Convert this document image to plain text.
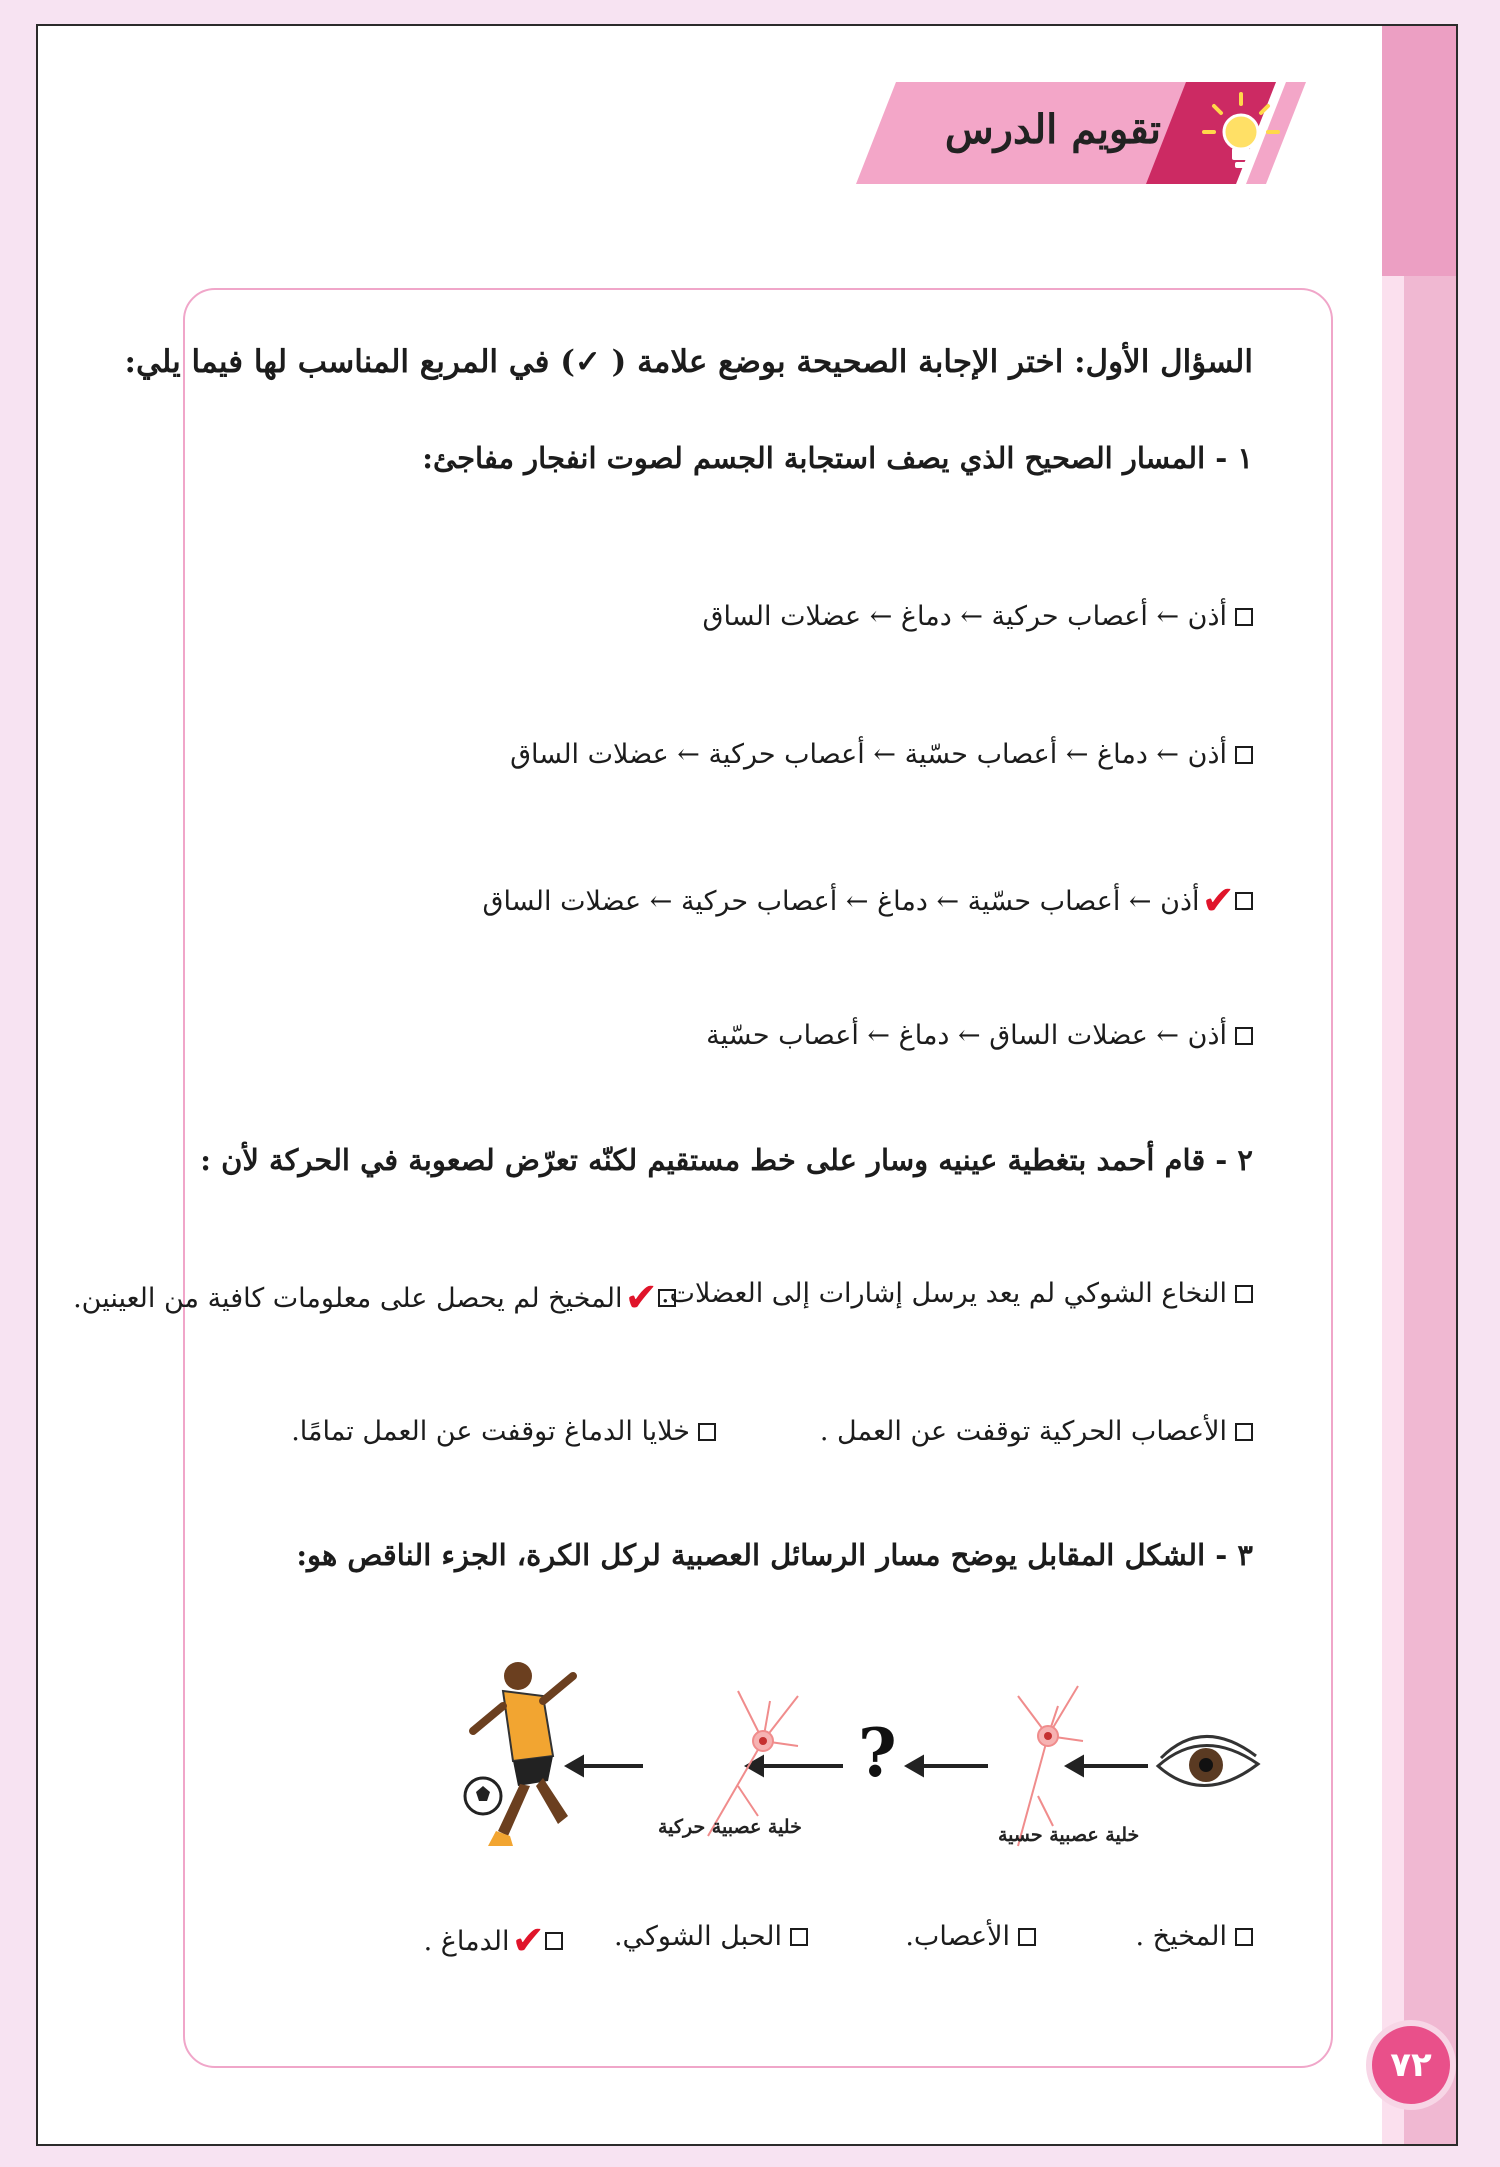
تقويم الدرس
السؤال الأول: اختر الإجابة الصحيحة بوضع علامة ( ✓) في المربع المناسب لها فيما يلي:
١ - المسار الصحيح الذي يصف استجابة الجسم لصوت انفجار مفاجئ:
أذن ← أعصاب حركية ← دماغ ← عضلات الساق
أذن ← دماغ ← أعصاب حسّية ← أعصاب حركية ← عضلات الساق
✔
أذن ← أعصاب حسّية ← دماغ ← أعصاب حركية ← عضلات الساق
أذن ← عضلات الساق ← دماغ ← أعصاب حسّية
٢ - قام أحمد بتغطية عينيه وسار على خط مستقيم لكنّه تعرّض لصعوبة في الحركة لأن :
النخاع الشوكي لم يعد يرسل إشارات إلى العضلات.
✔
المخيخ لم يحصل على معلومات كافية من العينين.
الأعصاب الحركية توقفت عن العمل .
خلايا الدماغ توقفت عن العمل تمامًا.
٣ - الشكل المقابل يوضح مسار الرسائل العصبية لركل الكرة، الجزء الناقص هو:
خلية عصبية حسية
خلية عصبية حركية
?
المخيخ .
الأعصاب.
الحبل الشوكي.
✔
الدماغ .
٧٢
